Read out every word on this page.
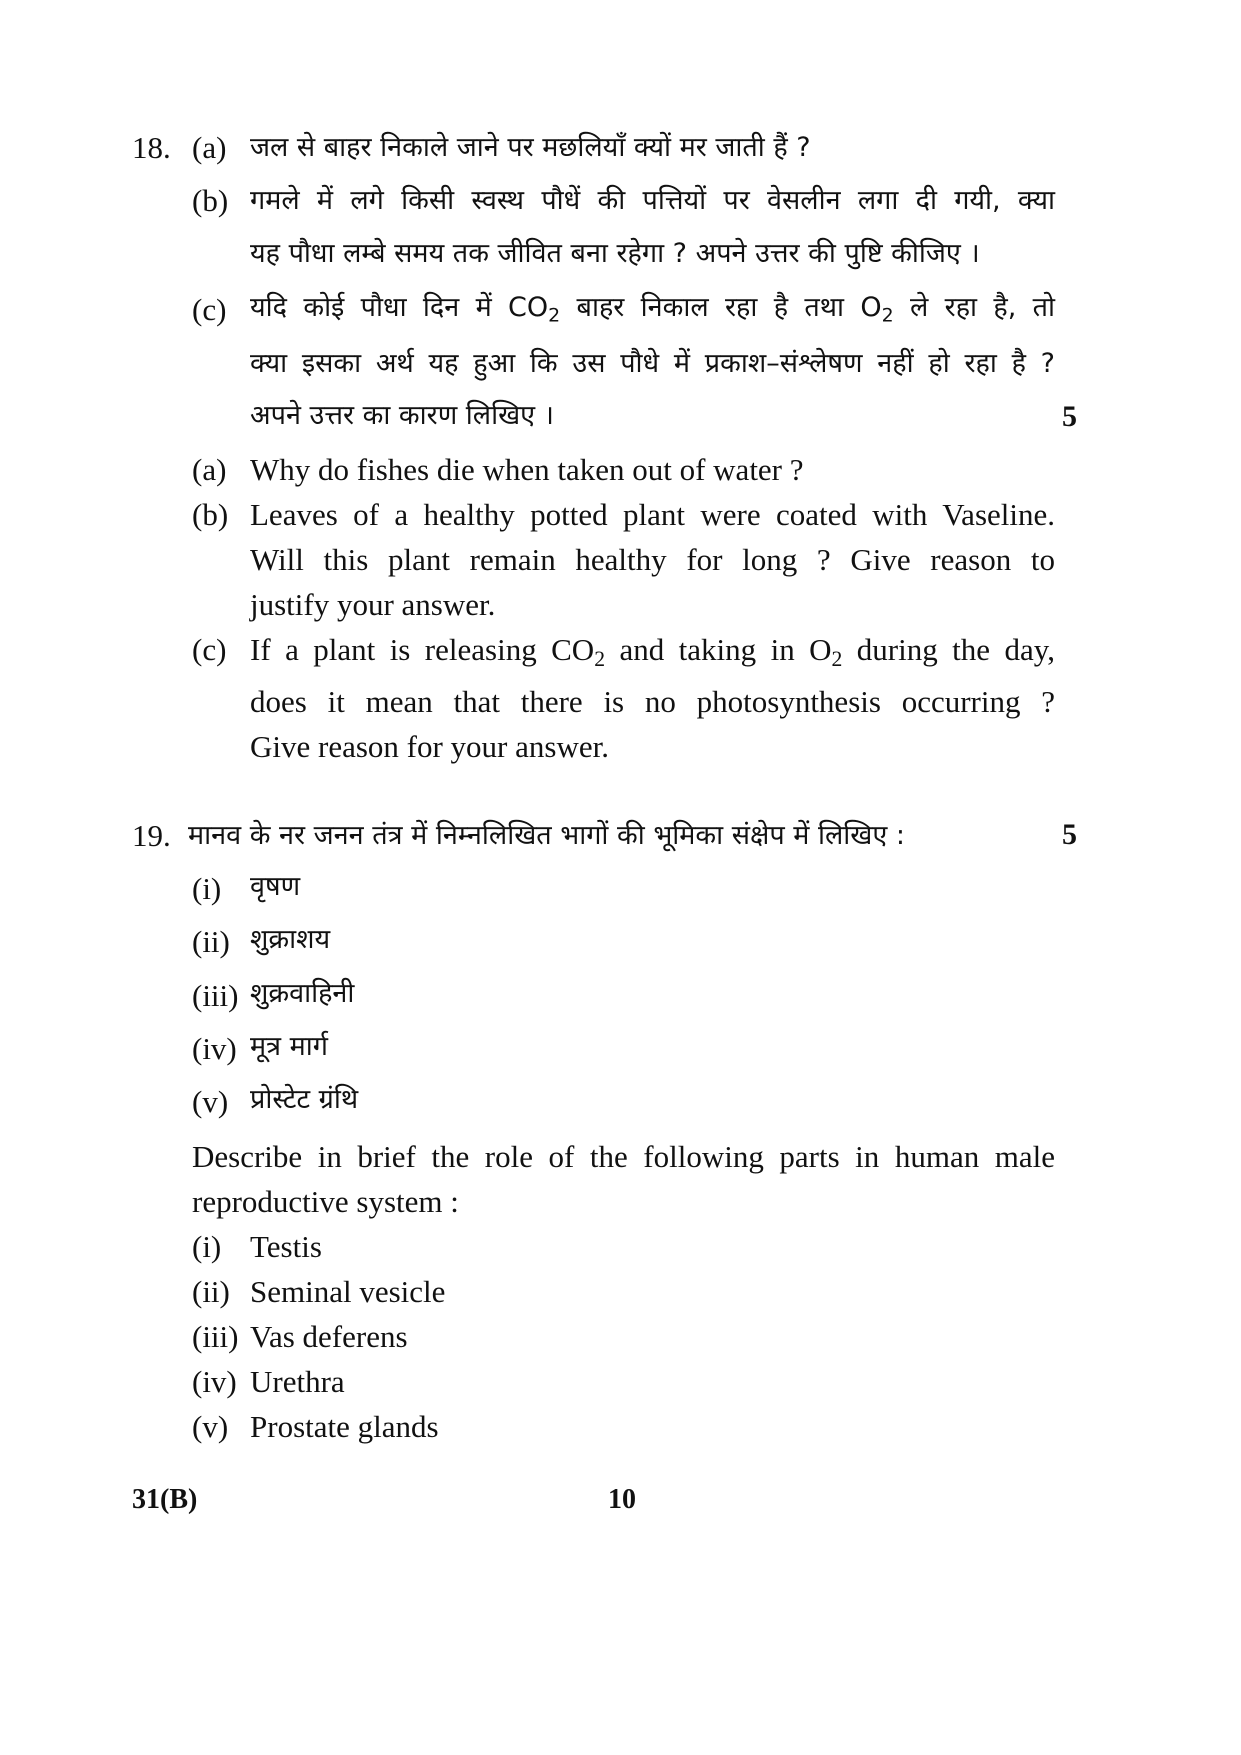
18. (a) जल से बाहर निकाले जाने पर मछलियाँ क्यों मर जाती हैं ?
(b) गमले में लगे किसी स्वस्थ पौधें की पत्तियों पर वेसलीन लगा दी गयी, क्या
यह पौधा लम्बे समय तक जीवित बना रहेगा ? अपने उत्तर की पुष्टि कीजिए ।
(c) यदि कोई पौधा दिन में $CO_2$ बाहर निकाल रहा है तथा $O_2$ ले रहा है, तो
क्या इसका अर्थ यह हुआ कि उस पौधे में प्रकाश–संश्लेषण नहीं हो रहा है ?
अपने उत्तर का कारण लिखिए ।	5
(a) Why do fishes die when taken out of water ?
(b) Leaves of a healthy potted plant were coated with Vaseline.
Will this plant remain healthy for long ? Give reason to
justify your answer.
(c) If a plant is releasing $CO_2$ and taking in $O_2$ during the day,
does it mean that there is no photosynthesis occurring ?
Give reason for your answer.
19. मानव के नर जनन तंत्र में निम्नलिखित भागों की भूमिका संक्षेप में लिखिए :	5
(i) वृषण
(ii) शुक्राशय
(iii) शुक्रवाहिनी
(iv) मूत्र मार्ग
(v) प्रोस्टेट ग्रंथि
Describe in brief the role of the following parts in human male
reproductive system :
(i) Testis
(ii) Seminal vesicle
(iii) Vas deferens
(iv) Urethra
(v) Prostate glands
31(B)	10
